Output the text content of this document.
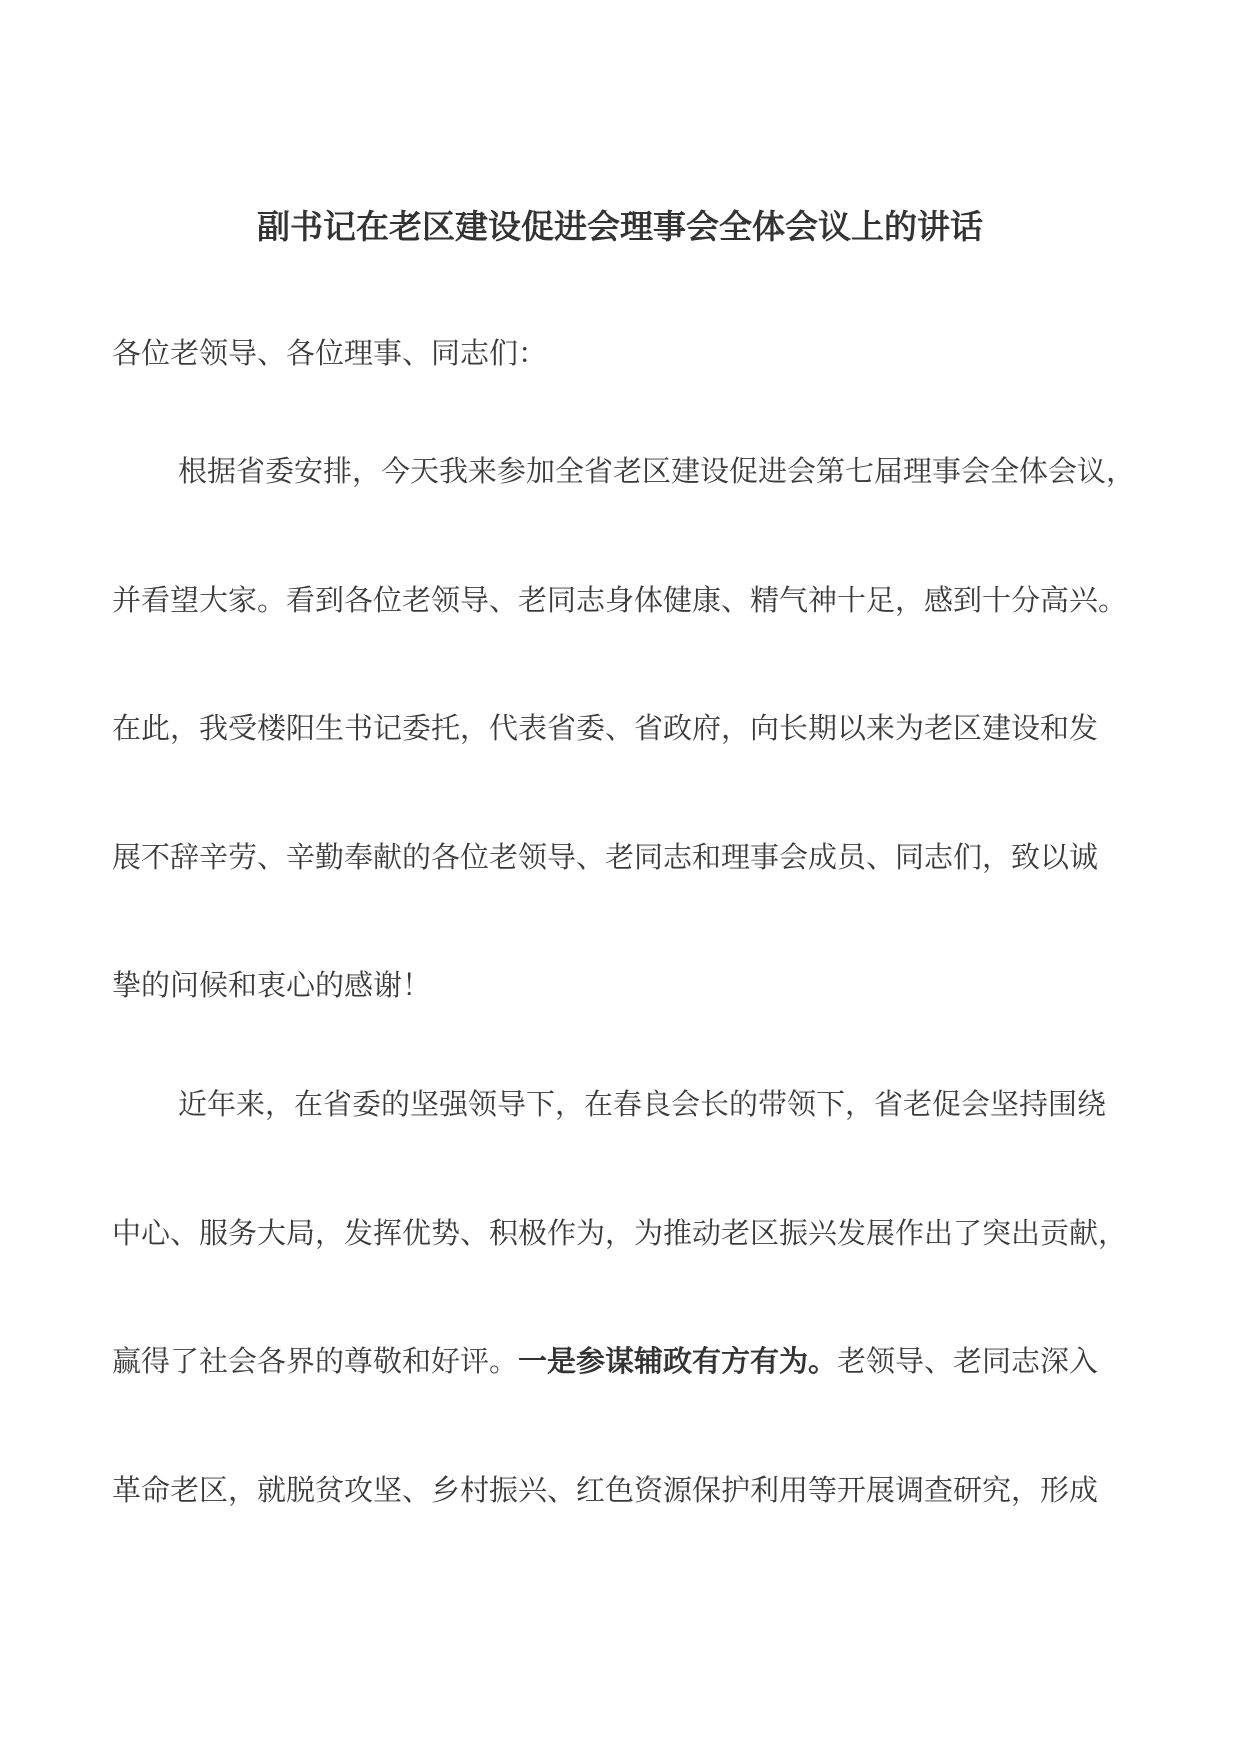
副书记在老区建设促进会理事会全体会议上的讲话
各位老领导、各位理事、同志们：
根据省委安排，今天我来参加全省老区建设促进会第七届理事会全体会议，
并看望大家。看到各位老领导、老同志身体健康、精气神十足，感到十分高兴。
在此，我受楼阳生书记委托，代表省委、省政府，向长期以来为老区建设和发
展不辞辛劳、辛勤奉献的各位老领导、老同志和理事会成员、同志们，致以诚
挚的问候和衷心的感谢！
近年来，在省委的坚强领导下，在春良会长的带领下，省老促会坚持围绕
中心、服务大局，发挥优势、积极作为，为推动老区振兴发展作出了突出贡献，
赢得了社会各界的尊敬和好评。一是参谋辅政有方有为。老领导、老同志深入
革命老区，就脱贫攻坚、乡村振兴、红色资源保护利用等开展调查研究，形成
